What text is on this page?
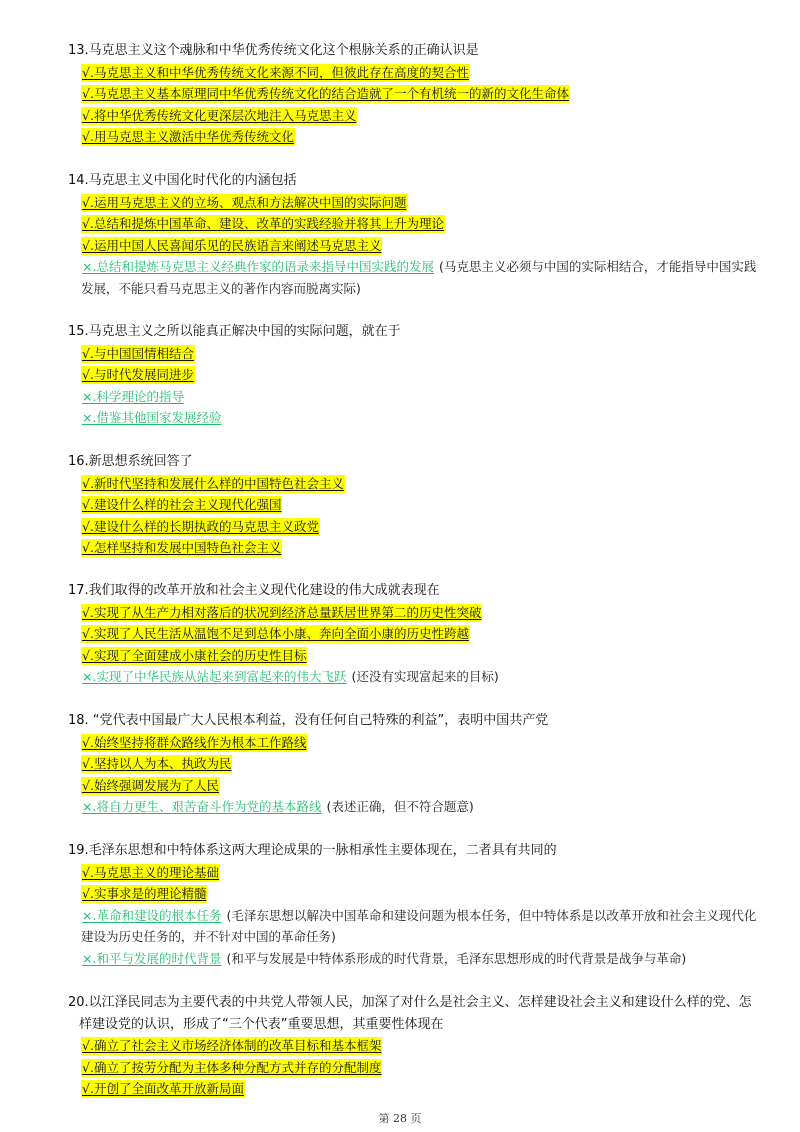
13.马克思主义这个魂脉和中华优秀传统文化这个根脉关系的正确认识是
√.马克思主义和中华优秀传统文化来源不同，但彼此存在高度的契合性
√.马克思主义基本原理同中华优秀传统文化的结合造就了一个有机统一的新的文化生命体
√.将中华优秀传统文化更深层次地注入马克思主义
√.用马克思主义激活中华优秀传统文化
14.马克思主义中国化时代化的内涵包括
√.运用马克思主义的立场、观点和方法解决中国的实际问题
√.总结和提炼中国革命、建设、改革的实践经验并将其上升为理论
√.运用中国人民喜闻乐见的民族语言来阐述马克思主义
×.总结和提炼马克思主义经典作家的语录来指导中国实践的发展 (马克思主义必须与中国的实际相结合，才能指导中国实践发展，不能只看马克思主义的著作内容而脱离实际)
15.马克思主义之所以能真正解决中国的实际问题，就在于
√.与中国国情相结合
√.与时代发展同进步
×.科学理论的指导
×.借鉴其他国家发展经验
16.新思想系统回答了
√.新时代坚持和发展什么样的中国特色社会主义
√.建设什么样的社会主义现代化强国
√.建设什么样的长期执政的马克思主义政党
√.怎样坚持和发展中国特色社会主义
17.我们取得的改革开放和社会主义现代化建设的伟大成就表现在
√.实现了从生产力相对落后的状况到经济总量跃居世界第二的历史性突破
√.实现了人民生活从温饱不足到总体小康、奔向全面小康的历史性跨越
√.实现了全面建成小康社会的历史性目标
×.实现了中华民族从站起来到富起来的伟大飞跃 (还没有实现富起来的目标)
18. “党代表中国最广大人民根本利益，没有任何自己特殊的利益”，表明中国共产党
√.始终坚持将群众路线作为根本工作路线
√.坚持以人为本、执政为民
√.始终强调发展为了人民
×.将自力更生、艰苦奋斗作为党的基本路线 (表述正确，但不符合题意)
19.毛泽东思想和中特体系这两大理论成果的一脉相承性主要体现在，二者具有共同的
√.马克思主义的理论基础
√.实事求是的理论精髓
×.革命和建设的根本任务 (毛泽东思想以解决中国革命和建设问题为根本任务，但中特体系是以改革开放和社会主义现代化建设为历史任务的，并不针对中国的革命任务)
×.和平与发展的时代背景 (和平与发展是中特体系形成的时代背景，毛泽东思想形成的时代背景是战争与革命)
20.以江泽民同志为主要代表的中共党人带领人民，加深了对什么是社会主义、怎样建设社会主义和建设什么样的党、怎样建设党的认识，形成了“三个代表”重要思想，其重要性体现在
√.确立了社会主义市场经济体制的改革目标和基本框架
√.确立了按劳分配为主体多种分配方式并存的分配制度
√.开创了全面改革开放新局面
第 28 页
